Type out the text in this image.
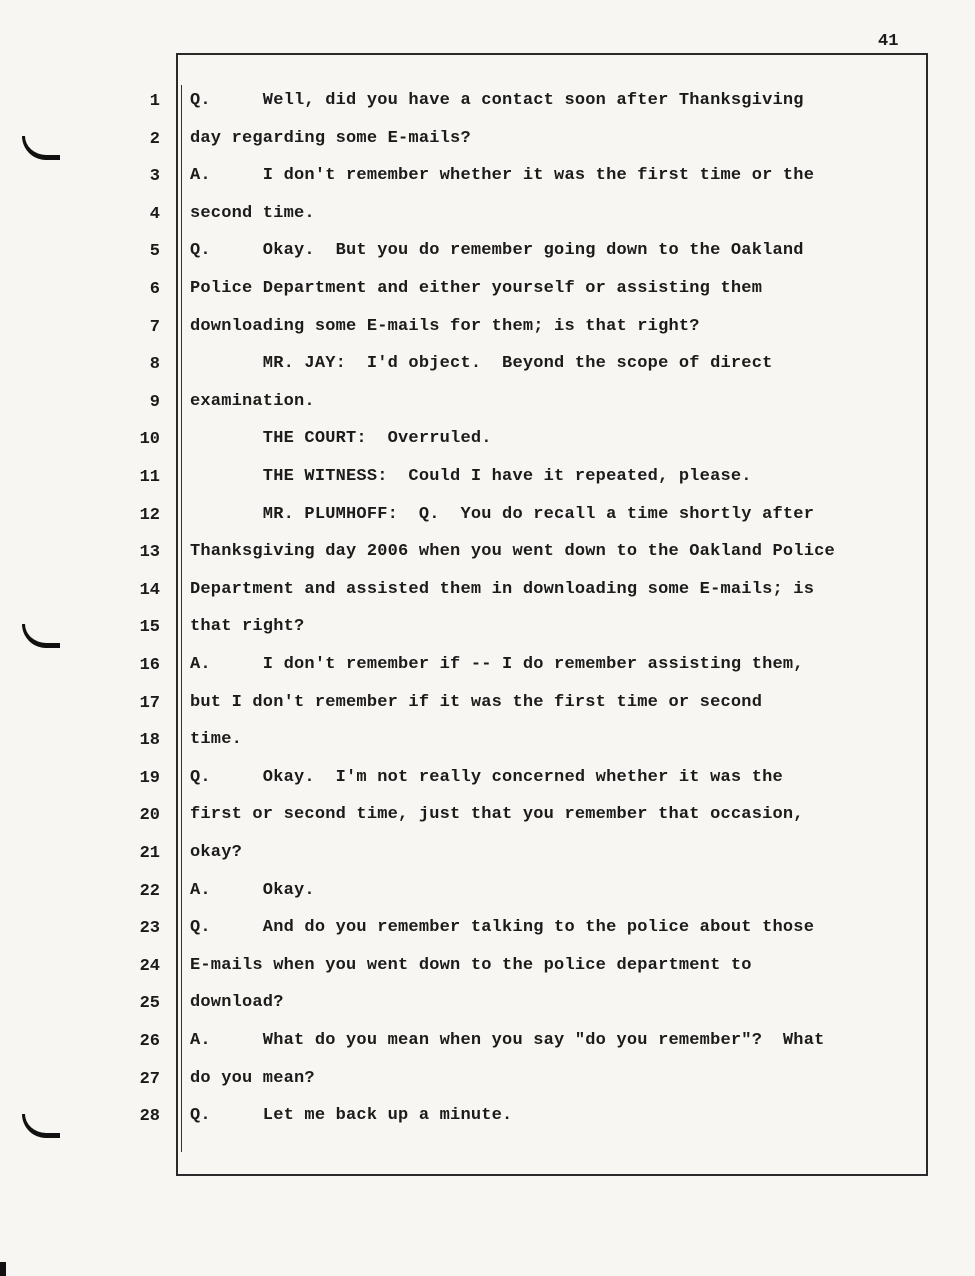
41
1 Q.     Well, did you have a contact soon after Thanksgiving
2 day regarding some E-mails?
3 A.     I don't remember whether it was the first time or the
4 second time.
5 Q.     Okay.  But you do remember going down to the Oakland
6 Police Department and either yourself or assisting them
7 downloading some E-mails for them; is that right?
8 MR. JAY:  I'd object.  Beyond the scope of direct
9 examination.
10 THE COURT:  Overruled.
11 THE WITNESS:  Could I have it repeated, please.
12 MR. PLUMHOFF:  Q.  You do recall a time shortly after
13 Thanksgiving day 2006 when you went down to the Oakland Police
14 Department and assisted them in downloading some E-mails; is
15 that right?
16 A.     I don't remember if -- I do remember assisting them,
17 but I don't remember if it was the first time or second
18 time.
19 Q.     Okay.  I'm not really concerned whether it was the
20 first or second time, just that you remember that occasion,
21 okay?
22 A.     Okay.
23 Q.     And do you remember talking to the police about those
24 E-mails when you went down to the police department to
25 download?
26 A.     What do you mean when you say "do you remember"?  What
27 do you mean?
28 Q.     Let me back up a minute.
